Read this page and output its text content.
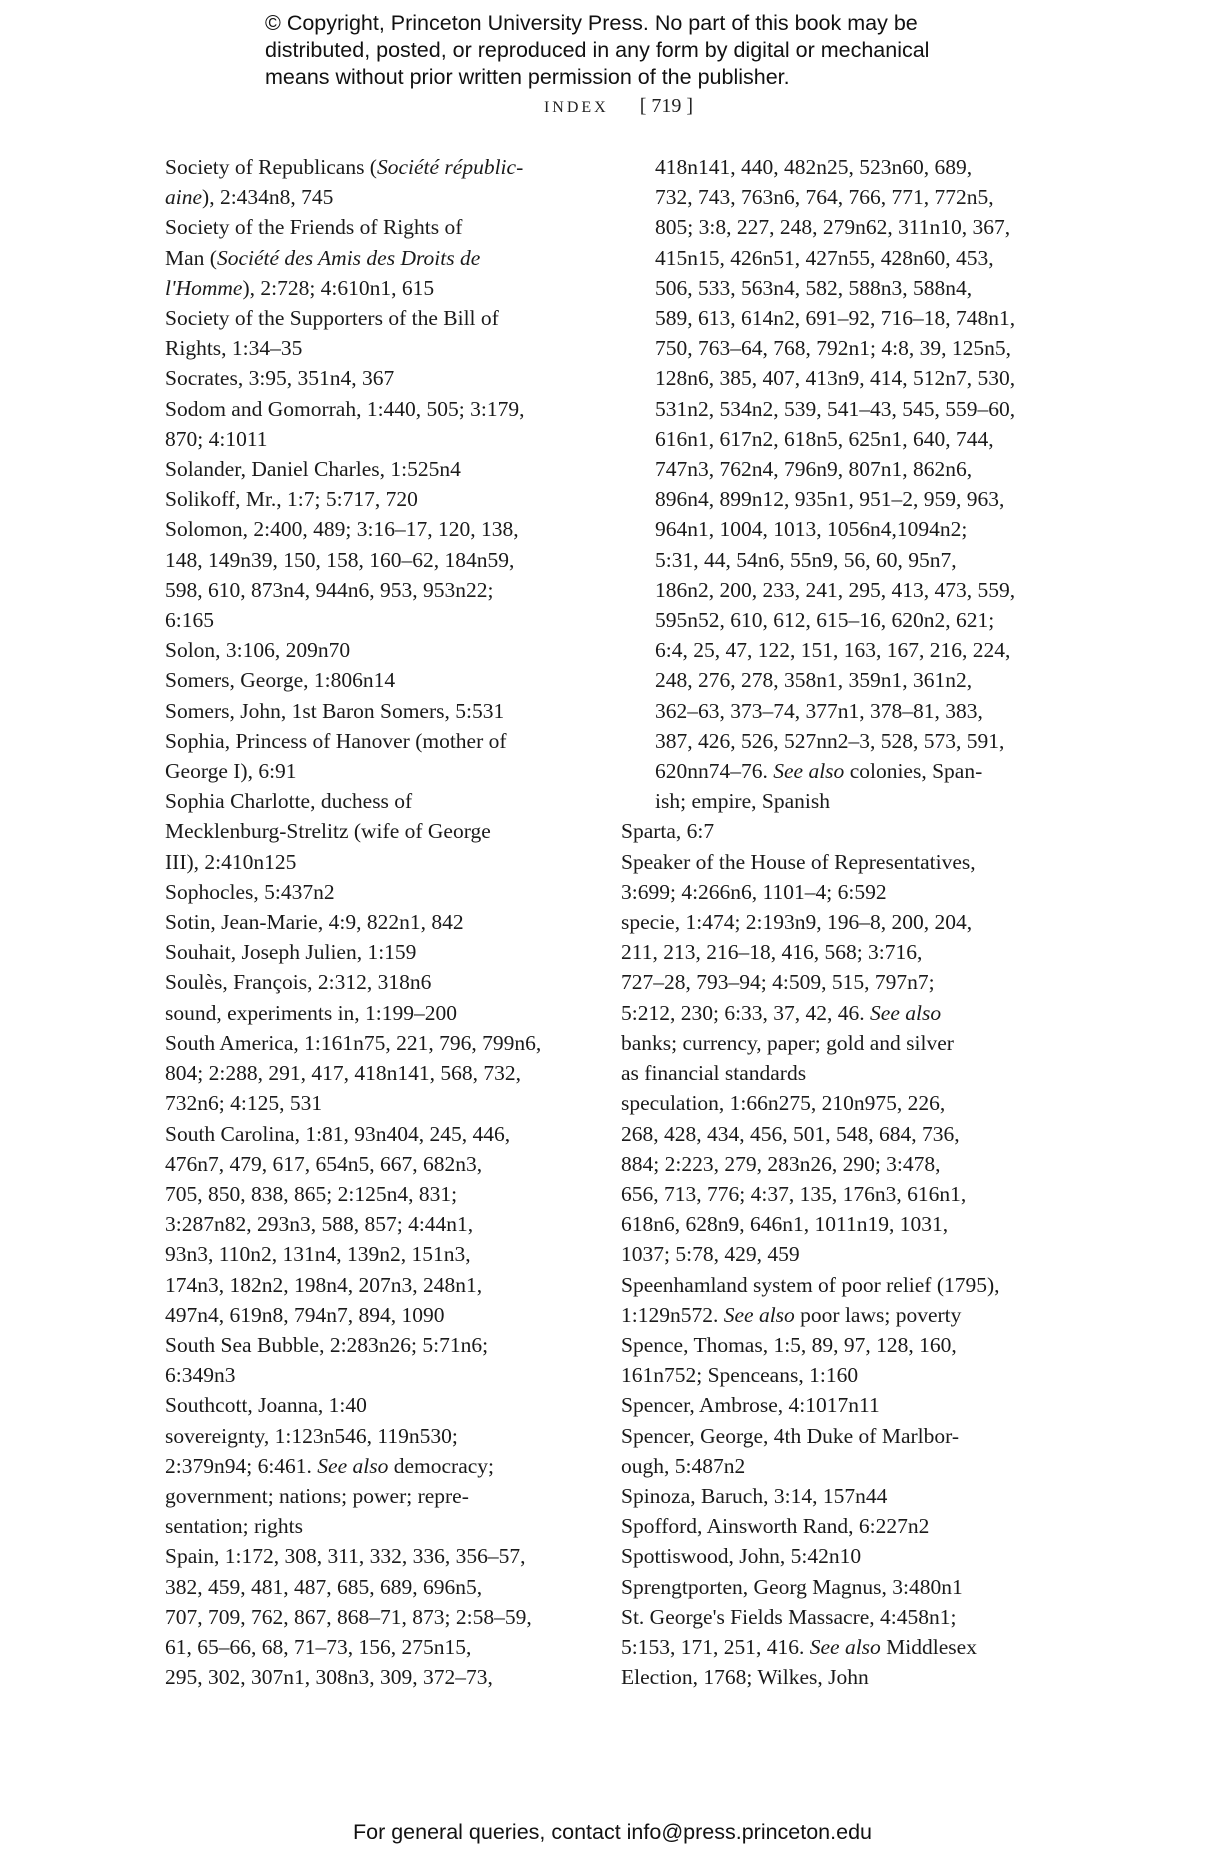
© Copyright, Princeton University Press. No part of this book may be
distributed, posted, or reproduced in any form by digital or mechanical
means without prior written permission of the publisher.
INDEX [ 719 ]
Society of Republicans (Société républic-
aine), 2:434n8, 745
Society of the Friends of Rights of
Man (Société des Amis des Droits de
l'Homme), 2:728; 4:610n1, 615
Society of the Supporters of the Bill of
Rights, 1:34–35
Socrates, 3:95, 351n4, 367
Sodom and Gomorrah, 1:440, 505; 3:179,
870; 4:1011
Solander, Daniel Charles, 1:525n4
Solikoff, Mr., 1:7; 5:717, 720
Solomon, 2:400, 489; 3:16–17, 120, 138,
148, 149n39, 150, 158, 160–62, 184n59,
598, 610, 873n4, 944n6, 953, 953n22;
6:165
Solon, 3:106, 209n70
Somers, George, 1:806n14
Somers, John, 1st Baron Somers, 5:531
Sophia, Princess of Hanover (mother of
George I), 6:91
Sophia Charlotte, duchess of
Mecklenburg-Strelitz (wife of George
III), 2:410n125
Sophocles, 5:437n2
Sotin, Jean-Marie, 4:9, 822n1, 842
Souhait, Joseph Julien, 1:159
Soulès, François, 2:312, 318n6
sound, experiments in, 1:199–200
South America, 1:161n75, 221, 796, 799n6,
804; 2:288, 291, 417, 418n141, 568, 732,
732n6; 4:125, 531
South Carolina, 1:81, 93n404, 245, 446,
476n7, 479, 617, 654n5, 667, 682n3,
705, 850, 838, 865; 2:125n4, 831;
3:287n82, 293n3, 588, 857; 4:44n1,
93n3, 110n2, 131n4, 139n2, 151n3,
174n3, 182n2, 198n4, 207n3, 248n1,
497n4, 619n8, 794n7, 894, 1090
South Sea Bubble, 2:283n26; 5:71n6;
6:349n3
Southcott, Joanna, 1:40
sovereignty, 1:123n546, 119n530;
2:379n94; 6:461. See also democracy;
government; nations; power; repre-
sentation; rights
Spain, 1:172, 308, 311, 332, 336, 356–57,
382, 459, 481, 487, 685, 689, 696n5,
707, 709, 762, 867, 868–71, 873; 2:58–59,
61, 65–66, 68, 71–73, 156, 275n15,
295, 302, 307n1, 308n3, 309, 372–73,
418n141, 440, 482n25, 523n60, 689,
732, 743, 763n6, 764, 766, 771, 772n5,
805; 3:8, 227, 248, 279n62, 311n10, 367,
415n15, 426n51, 427n55, 428n60, 453,
506, 533, 563n4, 582, 588n3, 588n4,
589, 613, 614n2, 691–92, 716–18, 748n1,
750, 763–64, 768, 792n1; 4:8, 39, 125n5,
128n6, 385, 407, 413n9, 414, 512n7, 530,
531n2, 534n2, 539, 541–43, 545, 559–60,
616n1, 617n2, 618n5, 625n1, 640, 744,
747n3, 762n4, 796n9, 807n1, 862n6,
896n4, 899n12, 935n1, 951–2, 959, 963,
964n1, 1004, 1013, 1056n4,1094n2;
5:31, 44, 54n6, 55n9, 56, 60, 95n7,
186n2, 200, 233, 241, 295, 413, 473, 559,
595n52, 610, 612, 615–16, 620n2, 621;
6:4, 25, 47, 122, 151, 163, 167, 216, 224,
248, 276, 278, 358n1, 359n1, 361n2,
362–63, 373–74, 377n1, 378–81, 383,
387, 426, 526, 527nn2–3, 528, 573, 591,
620nn74–76. See also colonies, Span-
ish; empire, Spanish
Sparta, 6:7
Speaker of the House of Representatives,
3:699; 4:266n6, 1101–4; 6:592
specie, 1:474; 2:193n9, 196–8, 200, 204,
211, 213, 216–18, 416, 568; 3:716,
727–28, 793–94; 4:509, 515, 797n7;
5:212, 230; 6:33, 37, 42, 46. See also
banks; currency, paper; gold and silver
as financial standards
speculation, 1:66n275, 210n975, 226,
268, 428, 434, 456, 501, 548, 684, 736,
884; 2:223, 279, 283n26, 290; 3:478,
656, 713, 776; 4:37, 135, 176n3, 616n1,
618n6, 628n9, 646n1, 1011n19, 1031,
1037; 5:78, 429, 459
Speenhamland system of poor relief (1795),
1:129n572. See also poor laws; poverty
Spence, Thomas, 1:5, 89, 97, 128, 160,
161n752; Spenceans, 1:160
Spencer, Ambrose, 4:1017n11
Spencer, George, 4th Duke of Marlbor-
ough, 5:487n2
Spinoza, Baruch, 3:14, 157n44
Spofford, Ainsworth Rand, 6:227n2
Spottiswood, John, 5:42n10
Sprengtporten, Georg Magnus, 3:480n1
St. George's Fields Massacre, 4:458n1;
5:153, 171, 251, 416. See also Middlesex
Election, 1768; Wilkes, John
For general queries, contact info@press.princeton.edu
